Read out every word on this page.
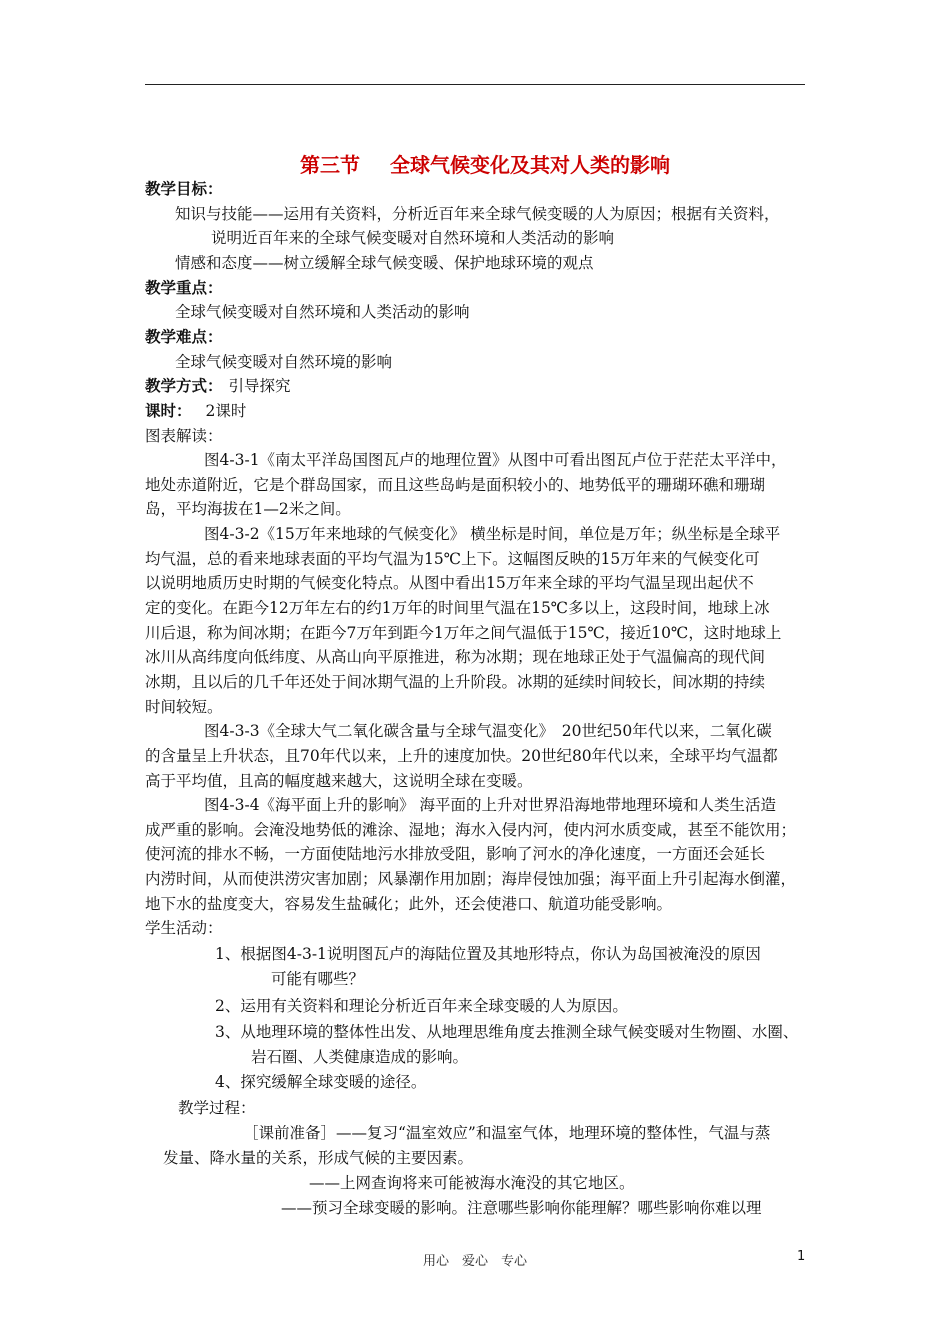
第三节 全球气候变化及其对人类的影响
教学目标：
知识与技能——运用有关资料，分析近百年来全球气候变暖的人为原因；根据有关资料，
说明近百年来的全球气候变暖对自然环境和人类活动的影响
情感和态度——树立缓解全球气候变暖、保护地球环境的观点
教学重点：
全球气候变暖对自然环境和人类活动的影响
教学难点：
全球气候变暖对自然环境的影响
教学方式： 引导探究
课时： 2课时
图表解读：
图4-3-1《南太平洋岛国图瓦卢的地理位置》从图中可看出图瓦卢位于茫茫太平洋中，
地处赤道附近，它是个群岛国家，而且这些岛屿是面积较小的、地势低平的珊瑚环礁和珊瑚
岛，平均海拔在1—2米之间。
图4-3-2《15万年来地球的气候变化》 横坐标是时间，单位是万年；纵坐标是全球平
均气温，总的看来地球表面的平均气温为15℃上下。这幅图反映的15万年来的气候变化可
以说明地质历史时期的气候变化特点。从图中看出15万年来全球的平均气温呈现出起伏不
定的变化。在距今12万年左右的约1万年的时间里气温在15℃多以上，这段时间，地球上冰
川后退，称为间冰期；在距今7万年到距今1万年之间气温低于15℃，接近10℃，这时地球上
冰川从高纬度向低纬度、从高山向平原推进，称为冰期；现在地球正处于气温偏高的现代间
冰期，且以后的几千年还处于间冰期气温的上升阶段。冰期的延续时间较长，间冰期的持续
时间较短。
图4-3-3《全球大气二氧化碳含量与全球气温变化》　20世纪50年代以来，二氧化碳
的含量呈上升状态，且70年代以来，上升的速度加快。20世纪80年代以来，全球平均气温都
高于平均值，且高的幅度越来越大，这说明全球在变暖。
图4-3-4《海平面上升的影响》 海平面的上升对世界沿海地带地理环境和人类生活造
成严重的影响。会淹没地势低的滩涂、湿地；海水入侵内河，使内河水质变咸，甚至不能饮用；
使河流的排水不畅，一方面使陆地污水排放受阻，影响了河水的净化速度，一方面还会延长
内涝时间，从而使洪涝灾害加剧；风暴潮作用加剧；海岸侵蚀加强；海平面上升引起海水倒灌，
地下水的盐度变大，容易发生盐碱化；此外，还会使港口、航道功能受影响。
学生活动：
1、根据图4-3-1说明图瓦卢的海陆位置及其地形特点，你认为岛国被淹没的原因
可能有哪些？
2、运用有关资料和理论分析近百年来全球变暖的人为原因。
3、从地理环境的整体性出发、从地理思维角度去推测全球气候变暖对生物圈、水圈、
岩石圈、人类健康造成的影响。
4、探究缓解全球变暖的途径。
教学过程：
［课前准备］——复习“温室效应”和温室气体，地理环境的整体性，气温与蒸
发量、降水量的关系，形成气候的主要因素。
——上网查询将来可能被海水淹没的其它地区。
——预习全球变暖的影响。注意哪些影响你能理解？哪些影响你难以理
用心　爱心　专心	1
